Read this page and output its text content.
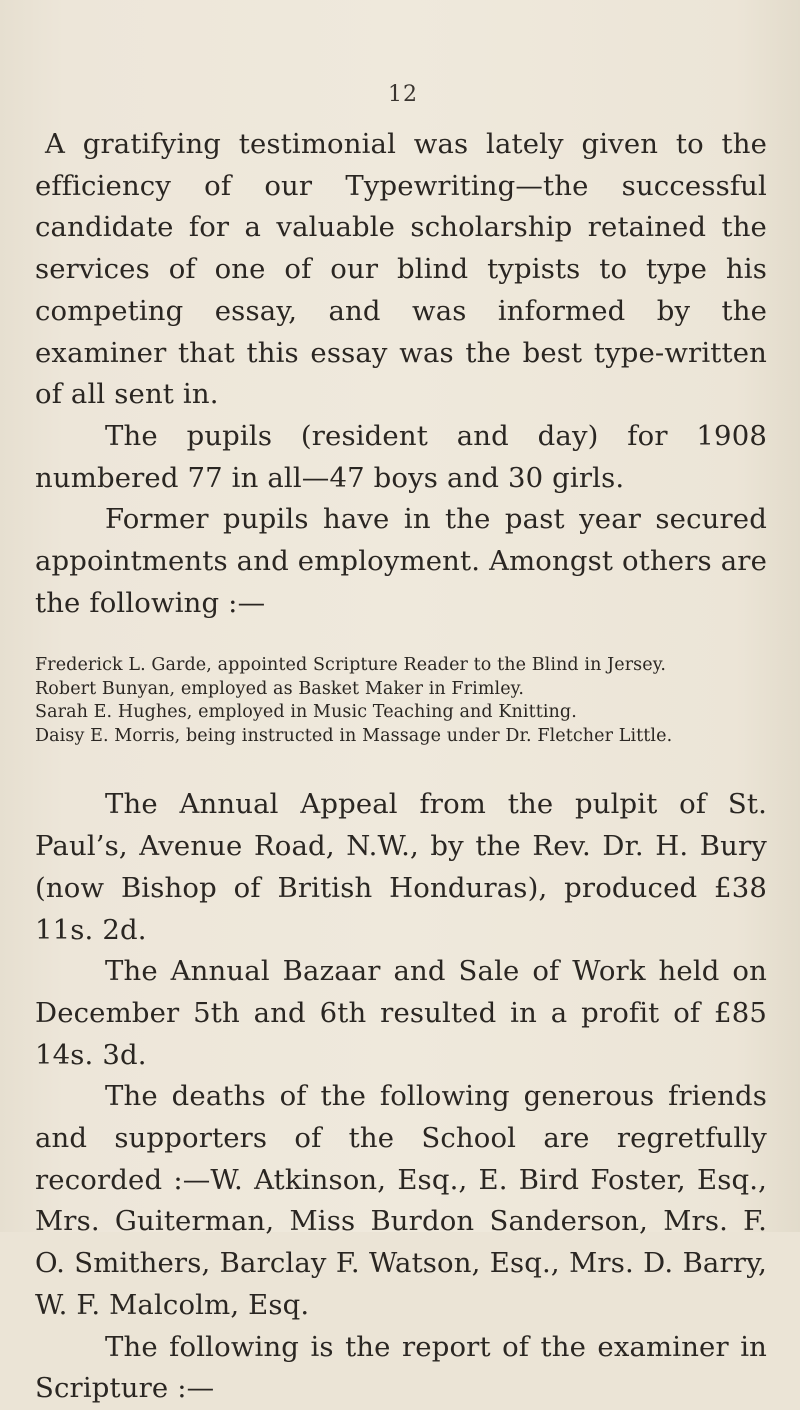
12

A gratifying testimonial was lately given to the efficiency of our Typewriting—the successful candidate for a valuable scholarship retained the services of one of our blind typists to type his competing essay, and was informed by the examiner that this essay was the best type-written of all sent in.

The pupils (resident and day) for 1908 numbered 77 in all—47 boys and 30 girls.

Former pupils have in the past year secured appointments and employment. Amongst others are the following :—

Frederick L. Garde, appointed Scripture Reader to the Blind in Jersey.
Robert Bunyan, employed as Basket Maker in Frimley.
Sarah E. Hughes, employed in Music Teaching and Knitting.
Daisy E. Morris, being instructed in Massage under Dr. Fletcher Little.

The Annual Appeal from the pulpit of St. Paul’s, Avenue Road, N.W., by the Rev. Dr. H. Bury (now Bishop of British Honduras), produced £38 11s. 2d.

The Annual Bazaar and Sale of Work held on December 5th and 6th resulted in a profit of £85 14s. 3d.

The deaths of the following generous friends and supporters of the School are regretfully recorded :—W. Atkinson, Esq., E. Bird Foster, Esq., Mrs. Guiterman, Miss Burdon Sanderson, Mrs. F. O. Smithers, Barclay F. Watson, Esq., Mrs. D. Barry, W. F. Malcolm, Esq.

The following is the report of the examiner in Scripture :—
